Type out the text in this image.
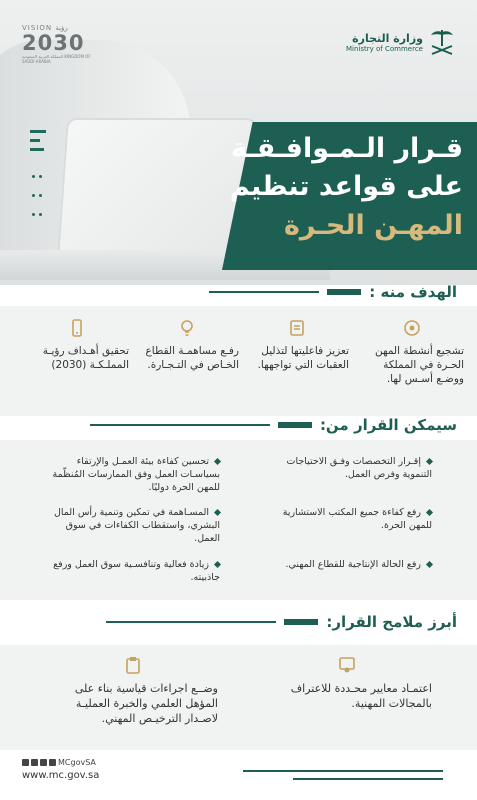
VISION رؤية
2030
المملكة العربية السعودية KINGDOM OF SAUDI ARABIA
وزارة التجارة
Ministry of Commerce
قـرار الـمـوافـقـة
على قواعد تنظيم
المهـن الحـرة
الهدف منه :
تشجيع أنشطة المهن الحـرة في المملكة ووضـع أسـس لها.
تعزيز فاعليتها لتذليل العقبات التي تواجهها.
رفـع مساهمـة القطاع الخـاص في التـجـارة.
تحقيق أهـداف رؤيـة المملـكـة (2030)
سيمكن القرار من:
إقـرار التخصصات وفـق الاحتياجات التنموية وفرص العمل.
رفع كفاءة جميع المكتب الاستشارية للمهن الحرة.
رفع الحالة الإنتاجية للقطاع المهني.
تحسين كفاءة بيئة العمـل والإرتقاء بسياسـات العمل وفق الممارسات المُنظّمة للمهن الحرة دوليًا.
المسـاهمة في تمكين وتنمية رأس المال البشري، واستقطاب الكفاءات في سوق العمل.
زيادة فعالية وتنافسـية سوق العمل ورفع جاذبيته.
أبرز ملامح القرار:
اعتمـاد معايير محـددة للاعتراف بالمجالات المهنية.
وضــع اجراءات قياسية بناء على المؤهل العلمي والخبرة العمليـة لاصـدار الترخيـص المهني.
MCgovSA
www.mc.gov.sa
